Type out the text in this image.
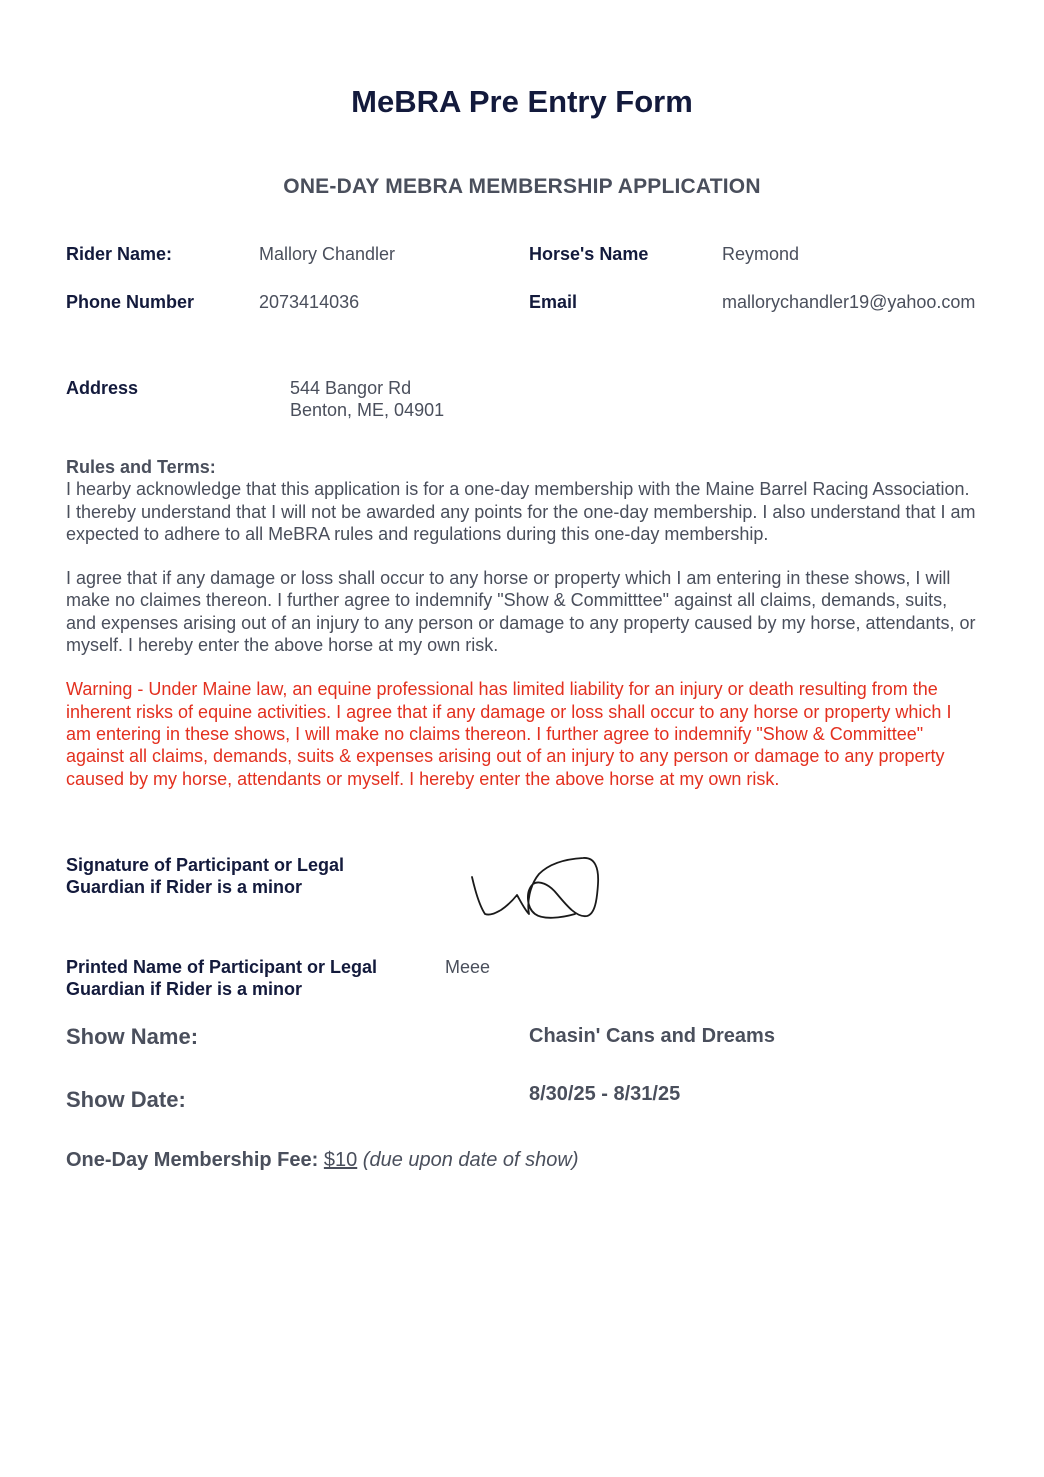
MeBRA Pre Entry Form
ONE-DAY MEBRA MEMBERSHIP APPLICATION
Rider Name:	Mallory Chandler	Horse's Name	Reymond
Phone Number	2073414036	Email	mallorychandler19@yahoo.com
Address	544 Bangor Rd
Benton, ME, 04901
Rules and Terms:
I hearby acknowledge that this application is for a one-day membership with the Maine Barrel Racing Association. I thereby understand that I will not be awarded any points for the one-day membership. I also understand that I am expected to adhere to all MeBRA rules and regulations during this one-day membership.
I agree that if any damage or loss shall occur to any horse or property which I am entering in these shows, I will make no claimes thereon. I further agree to indemnify "Show & Committtee" against all claims, demands, suits, and expenses arising out of an injury to any person or damage to any property caused by my horse, attendants, or myself. I hereby enter the above horse at my own risk.
Warning - Under Maine law, an equine professional has limited liability for an injury or death resulting from the inherent risks of equine activities. I agree that if any damage or loss shall occur to any horse or property which I am entering in these shows, I will make no claims thereon. I further agree to indemnify "Show & Committee" against all claims, demands, suits & expenses arising out of an injury to any person or damage to any property caused by my horse, attendants or myself. I hereby enter the above horse at my own risk.
Signature of Participant or Legal
Guardian if Rider is a minor
Printed Name of Participant or Legal
Guardian if Rider is a minor
Meee
Show Name:	Chasin' Cans and Dreams
Show Date:	8/30/25 - 8/31/25
One-Day Membership Fee: $10 (due upon date of show)
